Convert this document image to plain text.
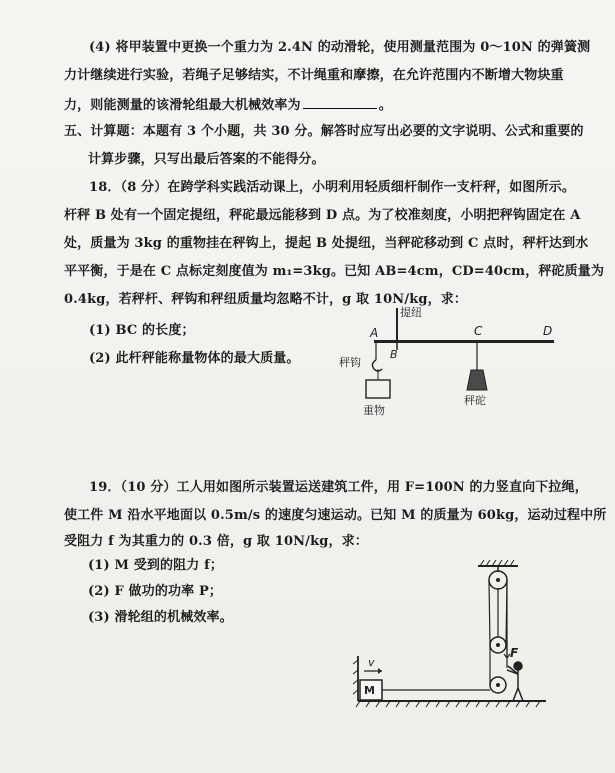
(4) 将甲装置中更换一个重力为 2.4N 的动滑轮，使用测量范围为 0～10N 的弹簧测
力计继续进行实验，若绳子足够结实，不计绳重和摩擦，在允许范围内不断增大物块重
力，则能测量的该滑轮组最大机械效率为	。
五、计算题：本题有 3 个小题，共 30 分。解答时应写出必要的文字说明、公式和重要的
计算步骤，只写出最后答案的不能得分。
18．（8 分）在跨学科实践活动课上，小明利用轻质细杆制作一支杆秤，如图所示。
杆秤 B 处有一个固定提纽，秤砣最远能移到 D 点。为了校准刻度，小明把秤钩固定在 A
处，质量为 3kg 的重物挂在秤钩上，提起 B 处提纽，当秤砣移动到 C 点时，秤杆达到水
平平衡，于是在 C 点标定刻度值为 m₁=3kg。已知 AB=4cm，CD=40cm，秤砣质量为
0.4kg，若秤杆、秤钩和秤纽质量均忽略不计，g 取 10N/kg，求：
(1) BC 的长度；
(2) 此杆秤能称量物体的最大质量。
提纽
A
B
C	D
秤钩
重物
秤砣
19．（10 分）工人用如图所示装置运送建筑工件，用 F=100N 的力竖直向下拉绳，
使工件 M 沿水平地面以 0.5m/s 的速度匀速运动。已知 M 的质量为 60kg，运动过程中所
受阻力 f 为其重力的 0.3 倍，g 取 10N/kg，求：
(1) M 受到的阻力 f；
(2) F 做功的功率 P；
(3) 滑轮组的机械效率。
M
v
F
